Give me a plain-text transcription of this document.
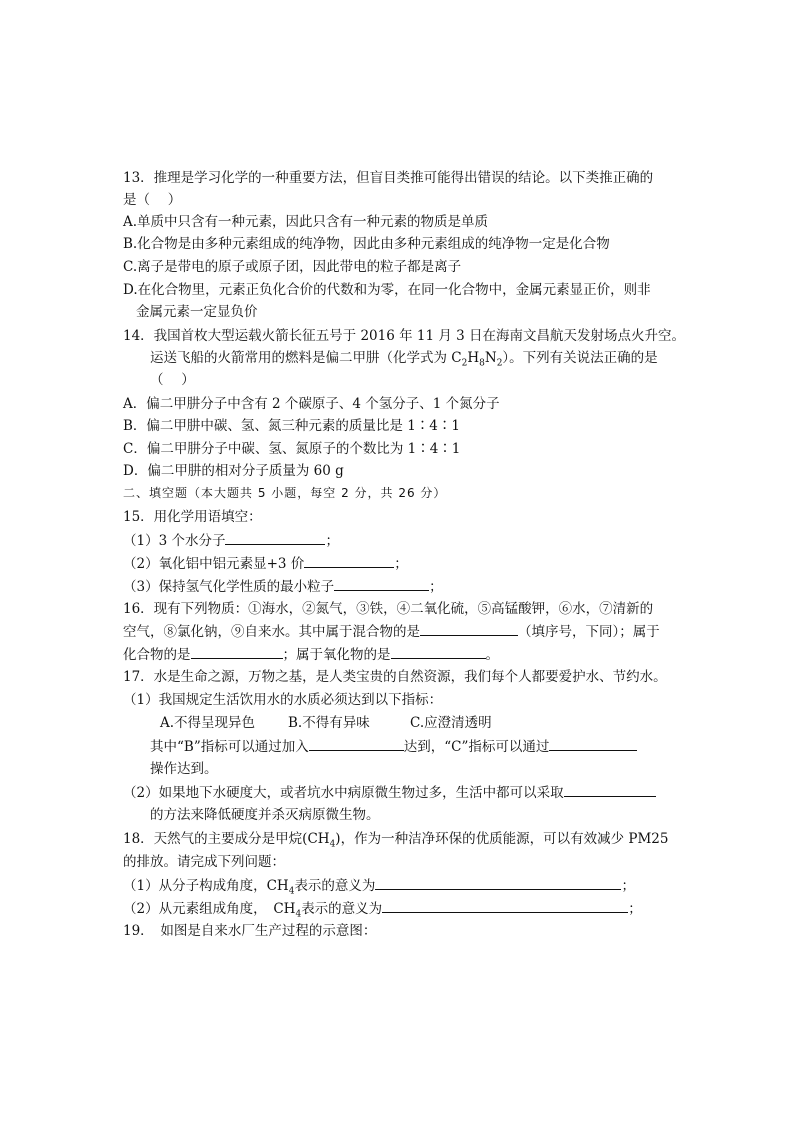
13．推理是学习化学的一种重要方法，但盲目类推可能得出错误的结论。以下类推正确的
是（　 ）​
A.单质中只含有一种元素，因此只含有一种元素的物质是单质
B.化合物是由多种元素组成的纯净物，因此由多种元素组成的纯净物一定是化合物
C.离子是带电的原子或原子团，因此带电的粒子都是离子
D.在化合物里，元素正负化合价的代数和为零，在同一化合物中，金属元素显正价，则非
金属元素一定显负价
14．我国首枚大型运载火箭长征五号于 2016 年 11 月 3 日在海南文昌航天发射场点火升空。
运送飞船的火箭常用的燃料是偏二甲肼（化学式为 $C_2H_8N_2$）。下列有关说法正确的是
（　 ）
A．偏二甲肼分子中含有 2 个碳原子、4 个氢分子、1 个氮分子
B．偏二甲肼中碳、氢、氮三种元素的质量比是 1∶4∶1
C．偏二甲肼分子中碳、氢、氮原子的个数比为 1∶4∶1
D．偏二甲肼的相对分子质量为 60 g
二、填空题（本大题共 5 小题，每空 2 分，共 26 分）
15．用化学用语填空：
（1）3 个水分子	；
（2）氧化铝中铝元素显+3 价	；
（3）保持氢气化学性质的最小粒子	；
16．现有下列物质：①海水，②氮气，③铁，④二氧化硫，⑤高锰酸钾，⑥水，⑦清新的
空气，⑧氯化钠，⑨自来水。其中属于混合物的是	（填序号，下同）；属于
化合物的是	；属于氧化物的是	。
17．水是生命之源，万物之基，是人类宝贵的自然资源，我们每个人都要爱护水、节约水。
（1）我国规定生活饮用水的水质必须达到以下指标：
A.不得呈现异色 B.不得有异味	C.应澄清透明
其中“B”指标可以通过加入	达到，“C”指标可以通过
操作达到。
（2）如果地下水硬度大，或者坑水中病原微生物过多，生活中都可以采取
的方法来降低硬度并杀灭病原微生物。
18．天然气的主要成分是甲烷$(CH_4)$，作为一种洁净环保的优质能源，可以有效减少 PM25
的排放。请完成下列问题：
（1）从分子构成角度，$CH_4$表示的意义为	；
（2）从元素组成角度，　$CH_4$表示的意义为	；
19．　如图是自来水厂生产过程的示意图：
